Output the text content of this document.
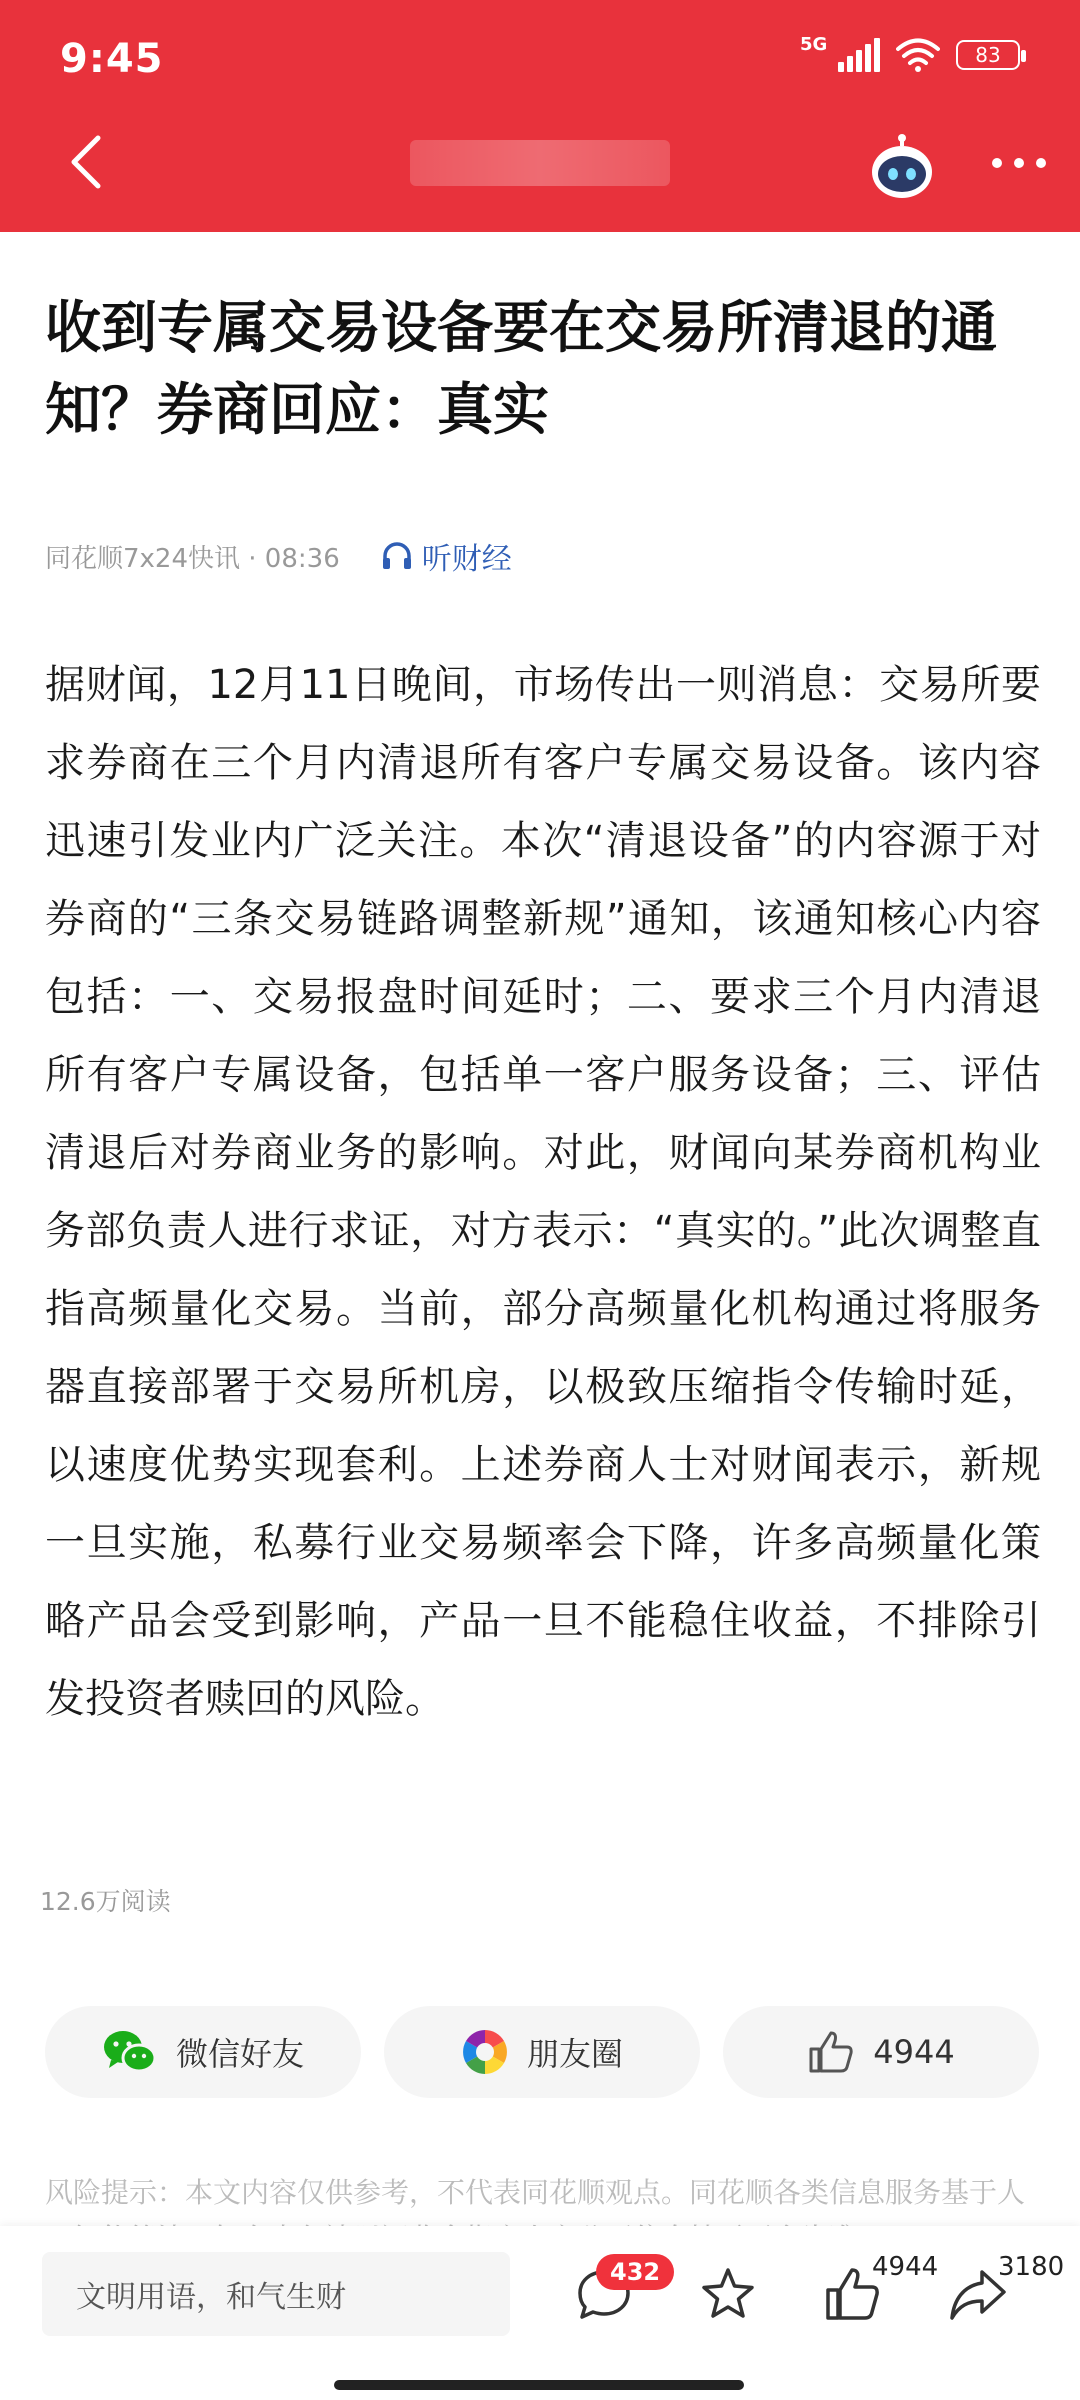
9:45	5G	83
收到专属交易设备要在交易所清退的通知？券商回应：真实
同花顺7x24快讯 · 08:36	听财经

据财闻，12月11日晚间，市场传出一则消息：交易所要求券商在三个月内清退所有客户专属交易设备。该内容迅速引发业内广泛关注。本次“清退设备”的内容源于对券商的“三条交易链路调整新规”通知，该通知核心内容包括：一、交易报盘时间延时；二、要求三个月内清退所有客户专属设备，包括单一客户服务设备；三、评估清退后对券商业务的影响。对此，财闻向某券商机构业务部负责人进行求证，对方表示：“真实的。”此次调整直指高频量化交易。当前，部分高频量化机构通过将服务器直接部署于交易所机房，以极致压缩指令传输时延，以速度优势实现套利。上述券商人士对财闻表示，新规一旦实施，私募行业交易频率会下降，许多高频量化策略产品会受到影响，产品一旦不能稳住收益，不排除引发投资者赎回的风险。

12.6万阅读
微信好友	朋友圈	4944

风险提示：本文内容仅供参考，不代表同花顺观点。同花顺各类信息服务基于人

文明用语，和气生财
432	4944 3180
